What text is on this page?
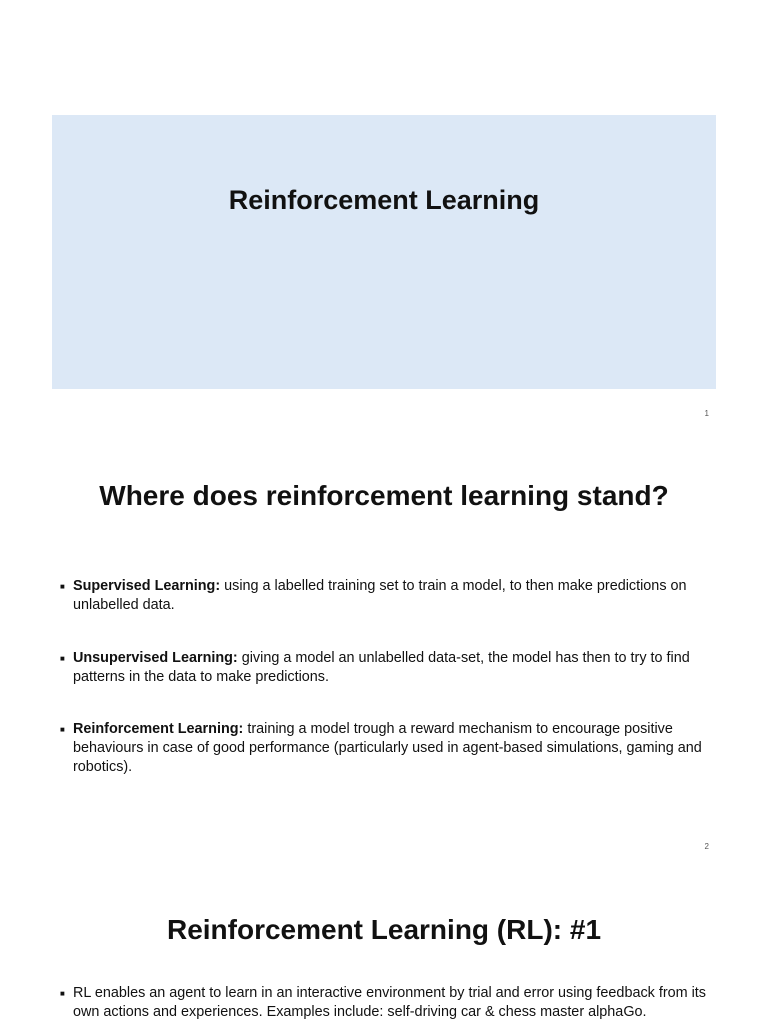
Reinforcement Learning
1
Where does reinforcement learning stand?
■ Supervised Learning: using a labelled training set to train a model, to then make predictions on unlabelled data.
■ Unsupervised Learning: giving a model an unlabelled data-set, the model has then to try to find patterns in the data to make predictions.
■ Reinforcement Learning: training a model trough a reward mechanism to encourage positive behaviours in case of good performance (particularly used in agent-based simulations, gaming and robotics).
2
Reinforcement Learning (RL): #1
■ RL enables an agent to learn in an interactive environment by trial and error using feedback from its own actions and experiences. Examples include: self-driving car & chess master alphaGo.
